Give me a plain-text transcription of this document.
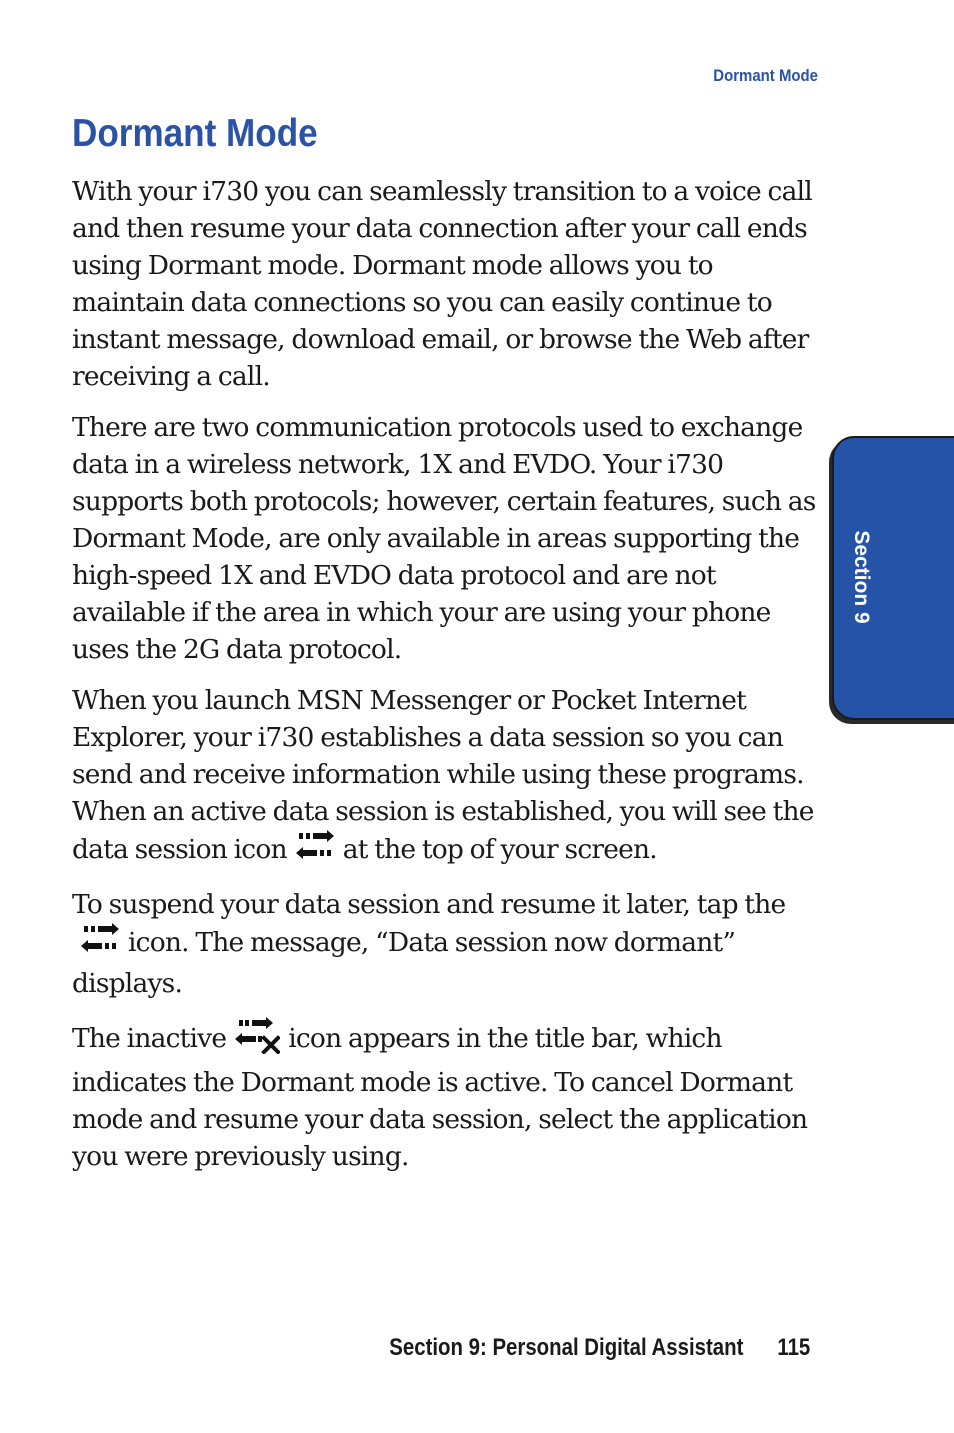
Dormant Mode
Dormant Mode

With your i730 you can seamlessly transition to a voice call and then resume your data connection after your call ends using Dormant mode. Dormant mode allows you to maintain data connections so you can easily continue to instant message, download email, or browse the Web after receiving a call.

There are two communication protocols used to exchange data in a wireless network, 1X and EVDO. Your i730 supports both protocols; however, certain features, such as Dormant Mode, are only available in areas supporting the high-speed 1X and EVDO data protocol and are not available if the area in which your are using your phone uses the 2G data protocol.

When you launch MSN Messenger or Pocket Internet Explorer, your i730 establishes a data session so you can send and receive information while using these programs. When an active data session is established, you will see the data session icon at the top of your screen.

To suspend your data session and resume it later, tap theicon. The message, “Data session now dormant” displays.

The inactive icon appears in the title bar, which indicates the Dormant mode is active. To cancel Dormant mode and resume your data session, select the application you were previously using.

Section 9
Section 9: Personal Digital Assistant 115
